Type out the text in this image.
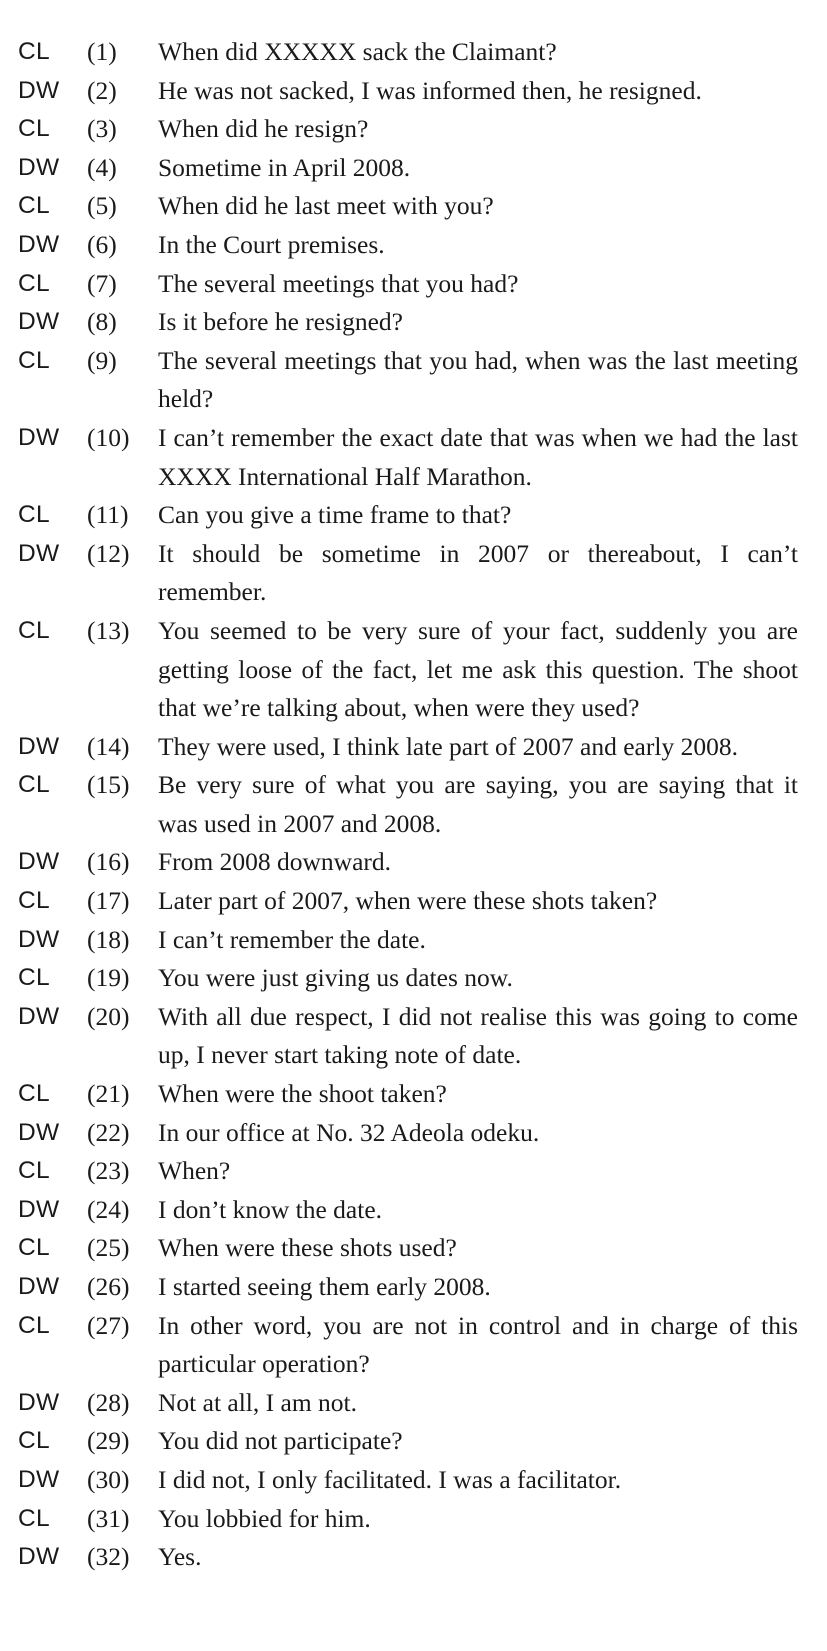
CL	(1)	When did XXXXX sack the Claimant?
DW	(2)	He was not sacked, I was informed then, he resigned.
CL	(3)	When did he resign?
DW	(4)	Sometime in April 2008.
CL	(5)	When did he last meet with you?
DW	(6)	In the Court premises.
CL	(7)	The several meetings that you had?
DW	(8)	Is it before he resigned?
CL	(9)	The several meetings that you had, when was the last meeting held?
DW	(10)	I can’t remember the exact date that was when we had the last XXXX International Half Marathon.
CL	(11)	Can you give a time frame to that?
DW	(12)	It should be sometime in 2007 or thereabout, I can’t remember.
CL	(13)	You seemed to be very sure of your fact, suddenly you are getting loose of the fact, let me ask this question. The shoot that we’re talking about, when were they used?
DW	(14)	They were used, I think late part of 2007 and early 2008.
CL	(15)	Be very sure of what you are saying, you are saying that it was used in 2007 and 2008.
DW	(16)	From 2008 downward.
CL	(17)	Later part of 2007, when were these shots taken?
DW	(18)	I can’t remember the date.
CL	(19)	You were just giving us dates now.
DW	(20)	With all due respect, I did not realise this was going to come up, I never start taking note of date.
CL	(21)	When were the shoot taken?
DW	(22)	In our office at No. 32 Adeola odeku.
CL	(23)	When?
DW	(24)	I don’t know the date.
CL	(25)	When were these shots used?
DW	(26)	I started seeing them early 2008.
CL	(27)	In other word, you are not in control and in charge of this particular operation?
DW	(28)	Not at all, I am not.
CL	(29)	You did not participate?
DW	(30)	I did not, I only facilitated. I was a facilitator.
CL	(31)	You lobbied for him.
DW	(32)	Yes.
